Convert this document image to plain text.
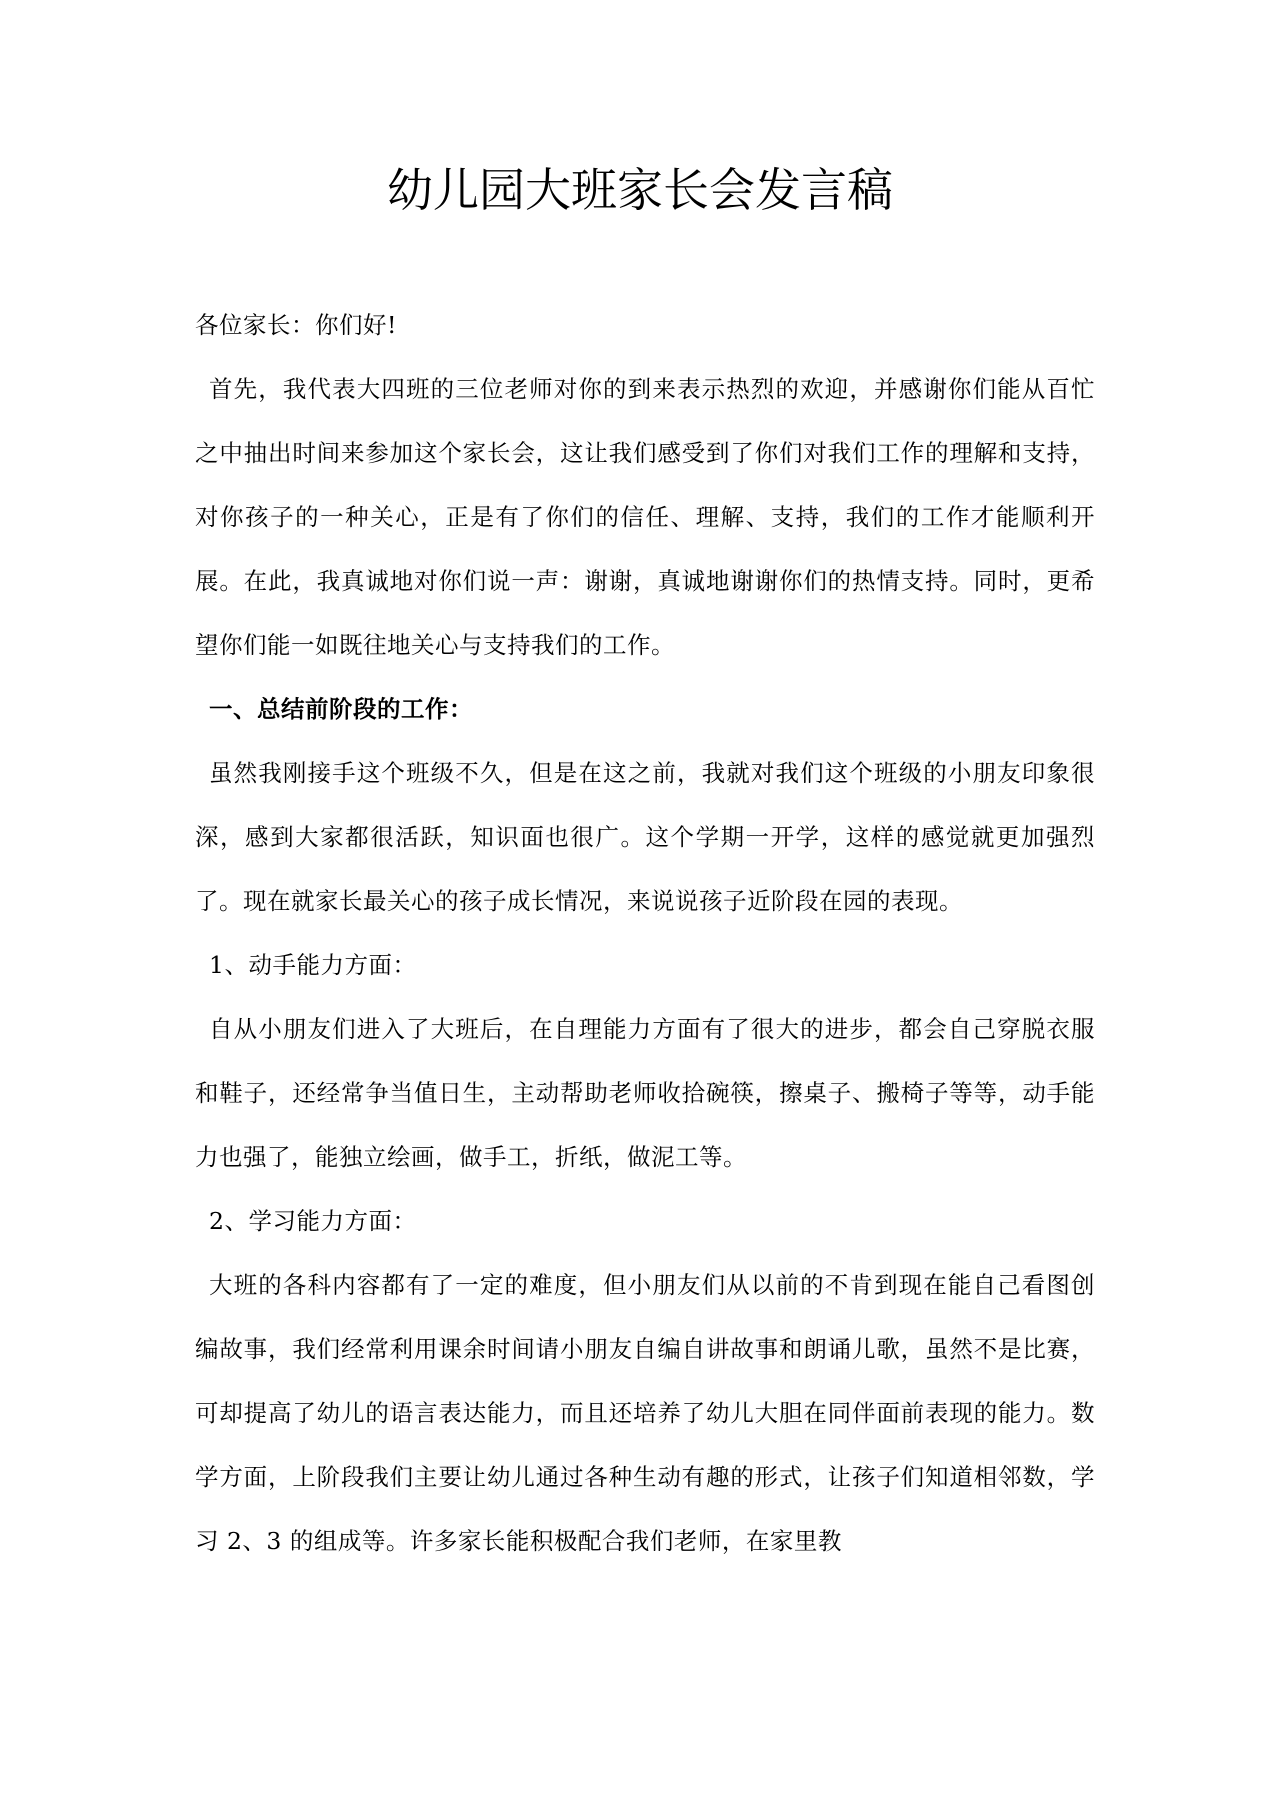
幼儿园大班家长会发言稿

各位家长：你们好!

首先，我代表大四班的三位老师对你的到来表示热烈的欢迎，并感谢你们能从百忙之中抽出时间来参加这个家长会，这让我们感受到了你们对我们工作的理解和支持，对你孩子的一种关心，正是有了你们的信任、理解、支持，我们的工作才能顺利开展。在此，我真诚地对你们说一声：谢谢，真诚地谢谢你们的热情支持。同时，更希望你们能一如既往地关心与支持我们的工作。

一、总结前阶段的工作：

虽然我刚接手这个班级不久，但是在这之前，我就对我们这个班级的小朋友印象很深，感到大家都很活跃，知识面也很广。这个学期一开学，这样的感觉就更加强烈了。现在就家长最关心的孩子成长情况，来说说孩子近阶段在园的表现。

1、动手能力方面：

自从小朋友们进入了大班后，在自理能力方面有了很大的进步，都会自己穿脱衣服和鞋子，还经常争当值日生，主动帮助老师收拾碗筷，擦桌子、搬椅子等等，动手能力也强了，能独立绘画，做手工，折纸，做泥工等。

2、学习能力方面：

大班的各科内容都有了一定的难度，但小朋友们从以前的不肯到现在能自己看图创编故事，我们经常利用课余时间请小朋友自编自讲故事和朗诵儿歌，虽然不是比赛，可却提高了幼儿的语言表达能力，而且还培养了幼儿大胆在同伴面前表现的能力。数学方面，上阶段我们主要让幼儿通过各种生动有趣的形式，让孩子们知道相邻数，学习 2、3 的组成等。许多家长能积极配合我们老师，在家里教
